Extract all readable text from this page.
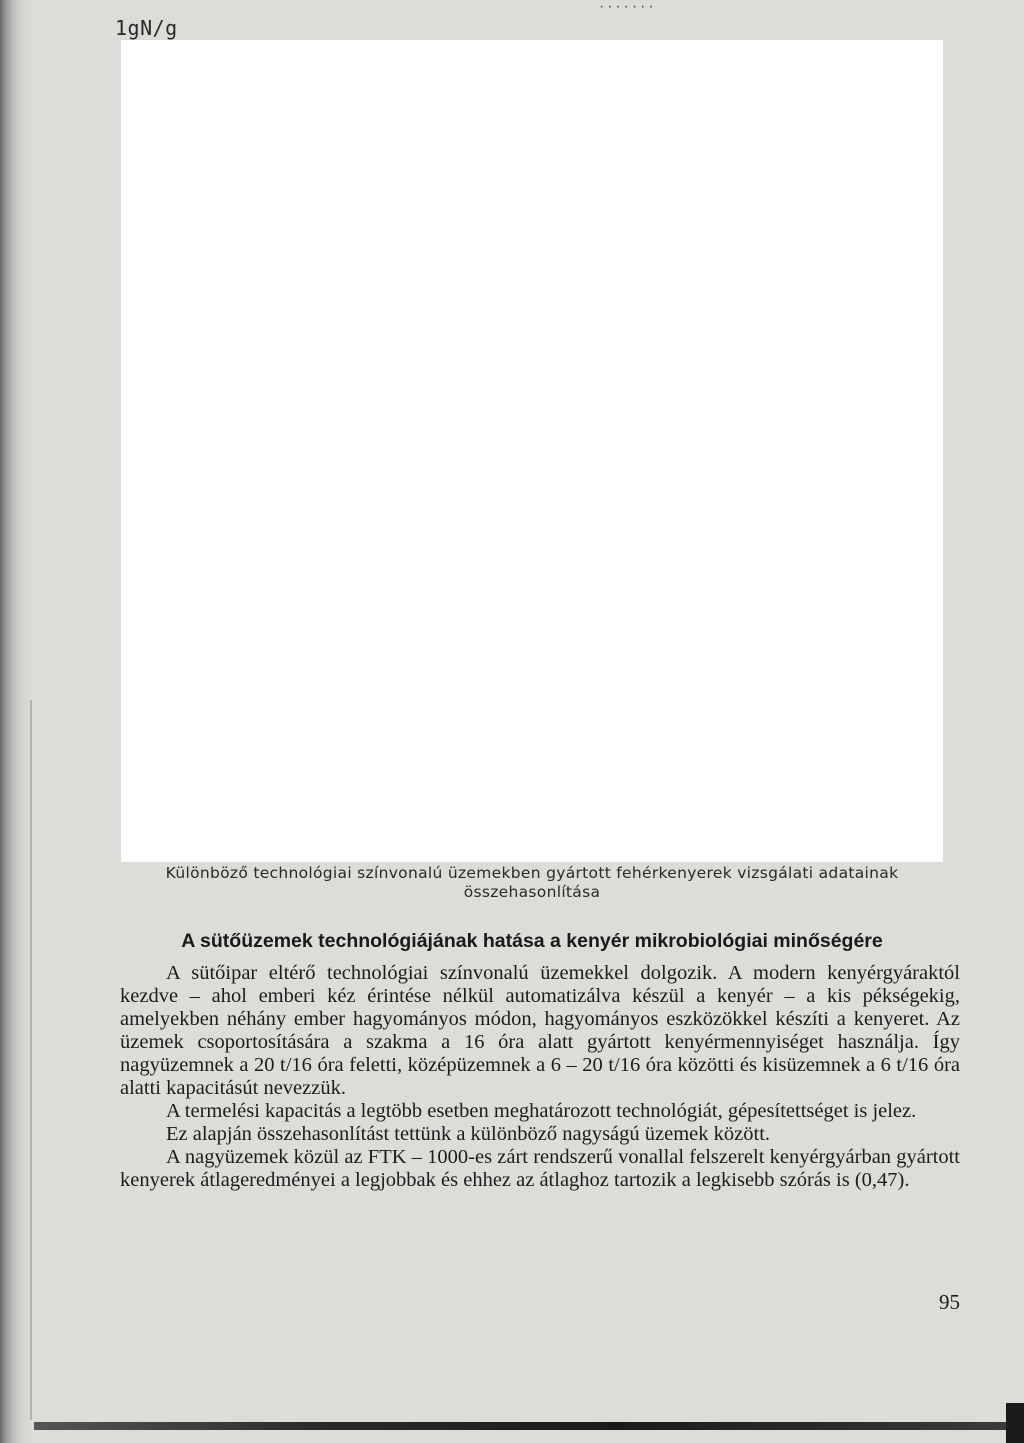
1gN/g
·······
Különböző technológiai színvonalú üzemekben gyártott fehérkenyerek vizsgálati adatainak
összehasonlítása
A sütőüzemek technológiájának hatása a kenyér mikrobiológiai minőségére

A sütőipar eltérő technológiai színvonalú üzemekkel dolgozik. A modern kenyérgyáraktól kezdve – ahol emberi kéz érintése nélkül automatizálva készül a kenyér – a kis pékségekig, amelyekben néhány ember hagyományos módon, hagyományos eszközökkel készíti a kenyeret. Az üzemek csoportosítására a szakma a 16 óra alatt gyártott kenyérmennyiséget használja. Így nagyüzemnek a 20 t/16 óra feletti, középüzemnek a 6 – 20 t/16 óra közötti és kisüzemnek a 6 t/16 óra alatti kapacitásút nevezzük.

A termelési kapacitás a legtöbb esetben meghatározott technológiát, gépesítettséget is jelez.

Ez alapján összehasonlítást tettünk a különböző nagyságú üzemek között.

A nagyüzemek közül az FTK – 1000-es zárt rendszerű vonallal felszerelt kenyérgyárban gyártott kenyerek átlageredményei a legjobbak és ehhez az átlaghoz tartozik a legkisebb szórás is (0,47).

95
